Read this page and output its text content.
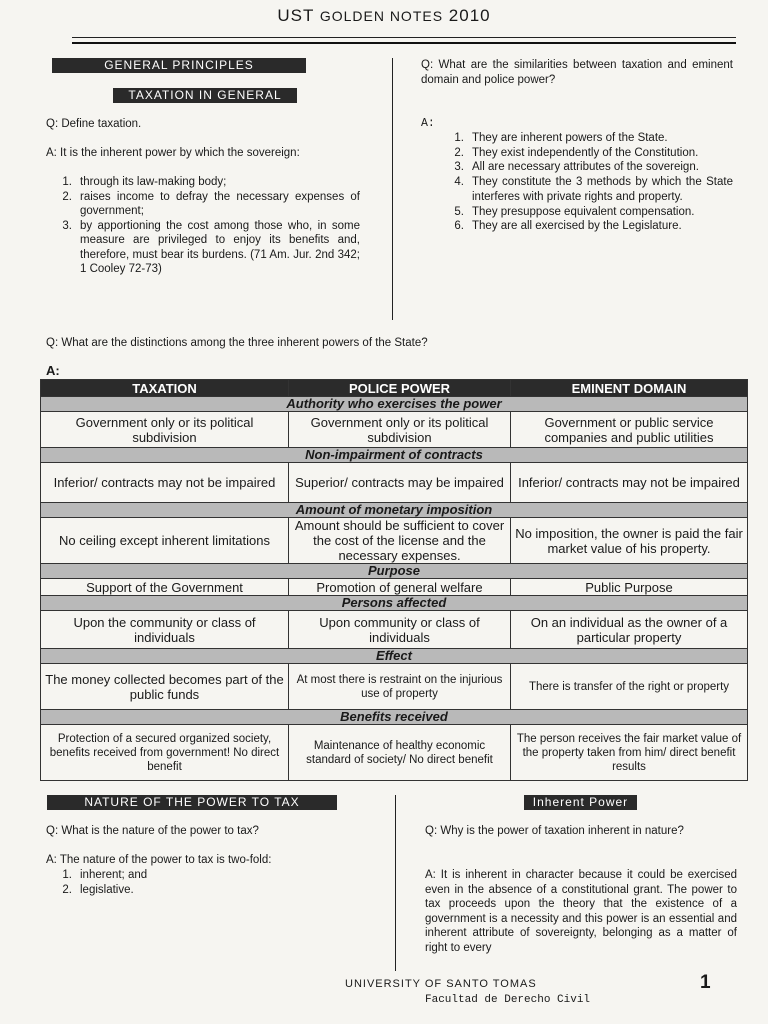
UST GOLDEN NOTES 2010
GENERAL PRINCIPLES
TAXATION IN GENERAL
Q: Define taxation.
A: It is the inherent power by which the sovereign:
1. through its law-making body;
2. raises income to defray the necessary expenses of government;
3. by apportioning the cost among those who, in some measure are privileged to enjoy its benefits and, therefore, must bear its burdens. (71 Am. Jur. 2nd 342; 1 Cooley 72-73)
Q: What are the similarities between taxation and eminent domain and police power?
A:
1. They are inherent powers of the State.
2. They exist independently of the Constitution.
3. All are necessary attributes of the sovereign.
4. They constitute the 3 methods by which the State interferes with private rights and property.
5. They presuppose equivalent compensation.
6. They are all exercised by the Legislature.
Q: What are the distinctions among the three inherent powers of the State?
A:
TAXATION	POLICE POWER	EMINENT DOMAIN
Authority who exercises the power		
Government only or its political subdivision	Government only or its political subdivision	Government or public service companies and public utilities
Non-impairment of contracts		
Inferior/ contracts may not be impaired	Superior/ contracts may be impaired	Inferior/ contracts may not be impaired
Amount of monetary imposition		
No ceiling except inherent limitations	Amount should be sufficient to cover the cost of the license and the necessary expenses.	No imposition, the owner is paid the fair market value of his property.
Purpose		
Support of the Government	Promotion of general welfare	Public Purpose
Persons affected		
Upon the community or class of individuals	Upon community or class of individuals	On an individual as the owner of a particular property
Effect		
The money collected becomes part of the public funds	At most there is restraint on the injurious use of property	There is transfer of the right or property
Benefits received		
Protection of a secured organized society, benefits received from government! No direct benefit	Maintenance of healthy economic standard of society/ No direct benefit	The person receives the fair market value of the property taken from him/ direct benefit results
NATURE OF THE POWER TO TAX
Q: What is the nature of the power to tax?
A: The nature of the power to tax is two-fold:
1. inherent; and
2. legislative.
Inherent Power
Q: Why is the power of taxation inherent in nature?
A: It is inherent in character because it could be exercised even in the absence of a constitutional grant. The power to tax proceeds upon the theory that the existence of a government is a necessity and this power is an essential and inherent attribute of sovereignty, belonging as a matter of right to every
UNIVERSITY OF SANTO TOMAS
Facultad de Derecho Civil
1
